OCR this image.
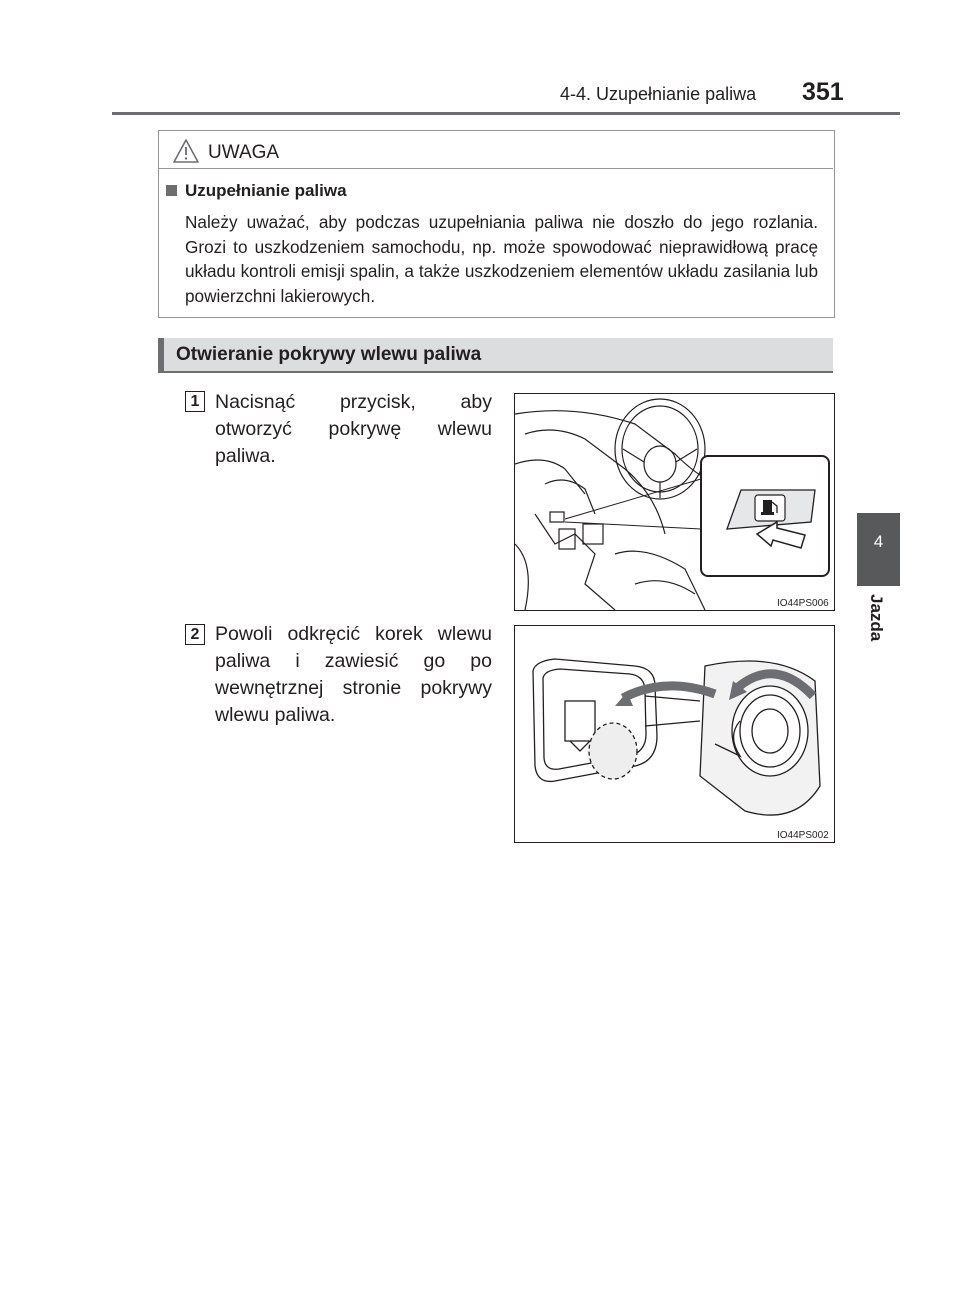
4-4. Uzupełnianie paliwa 351
4
Jazda
UWAGA
Uzupełnianie paliwa
Należy uważać, aby podczas uzupełniania paliwa nie doszło do jego rozlania. Grozi to uszkodzeniem samochodu, np. może spowodować nieprawidłową pracę układu kontroli emisji spalin, a także uszkodzeniem elementów układu zasilania lub powierzchni lakierowych.
Otwieranie pokrywy wlewu paliwa
1 Nacisnąć przycisk, aby otworzyć pokrywę wlewu paliwa.
IO44PS006
2 Powoli odkręcić korek wlewu paliwa i zawiesić go po wewnętrznej stronie pokrywy wlewu paliwa.
IO44PS002
